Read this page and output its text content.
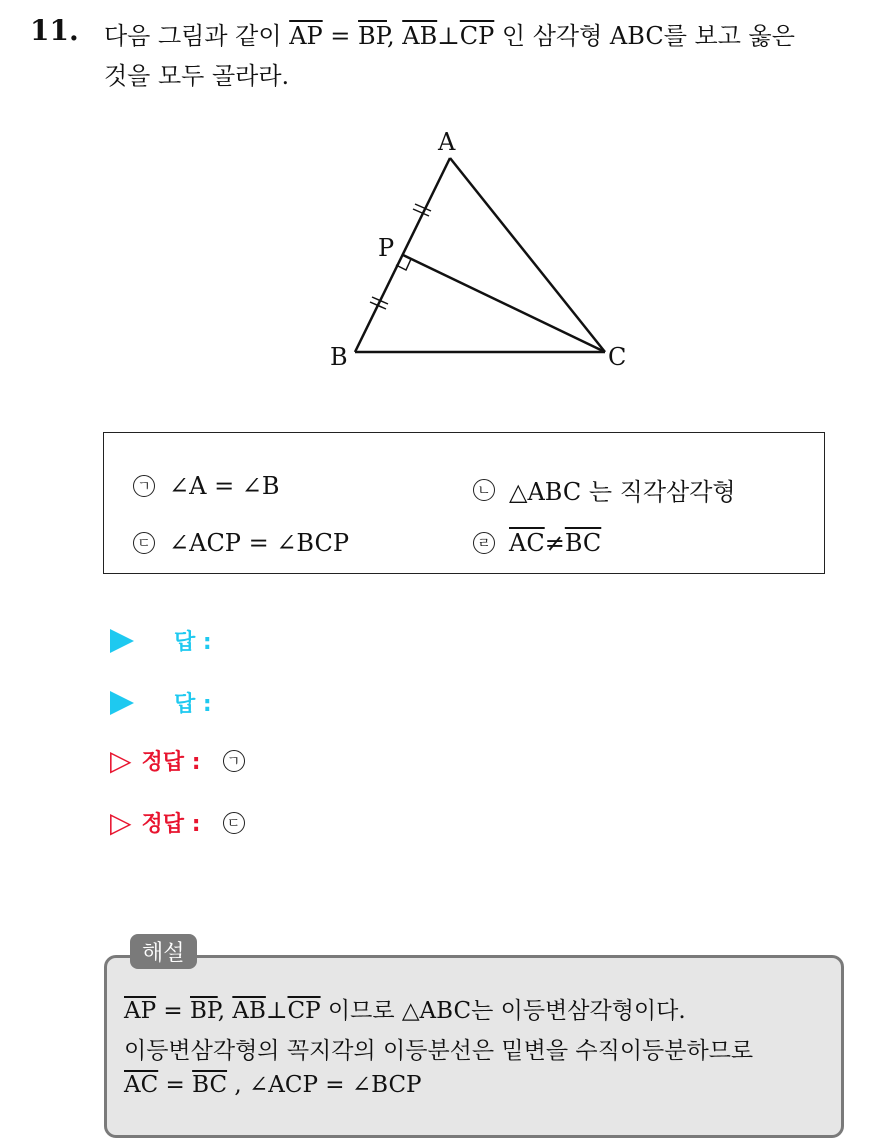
11. 다음 그림과 같이 $\overline{AP} = \overline{BP}$, $\overline{AB}\perp\overline{CP}$ 인 삼각형 ABC를 보고 옳은
것을 모두 골라라.
A
B	C
P
ㄱ ∠A = ∠B	ㄴ △ABC 는 직각삼각형
ㄷ ∠ACP = ∠BCP	ㄹ $\overline{AC} \ne \overline{BC}$
답 :
답 :
▷ 정답 :	ㄱ
▷ 정답 :	ㄷ
해설
$\overline{AP} = \overline{BP}$, $\overline{AB}\perp\overline{CP}$ 이므로 △ABC는 이등변삼각형이다.
이등변삼각형의 꼭지각의 이등분선은 밑변을 수직이등분하므로
$\overline{AC} = \overline{BC}$ , ∠ACP = ∠BCP
